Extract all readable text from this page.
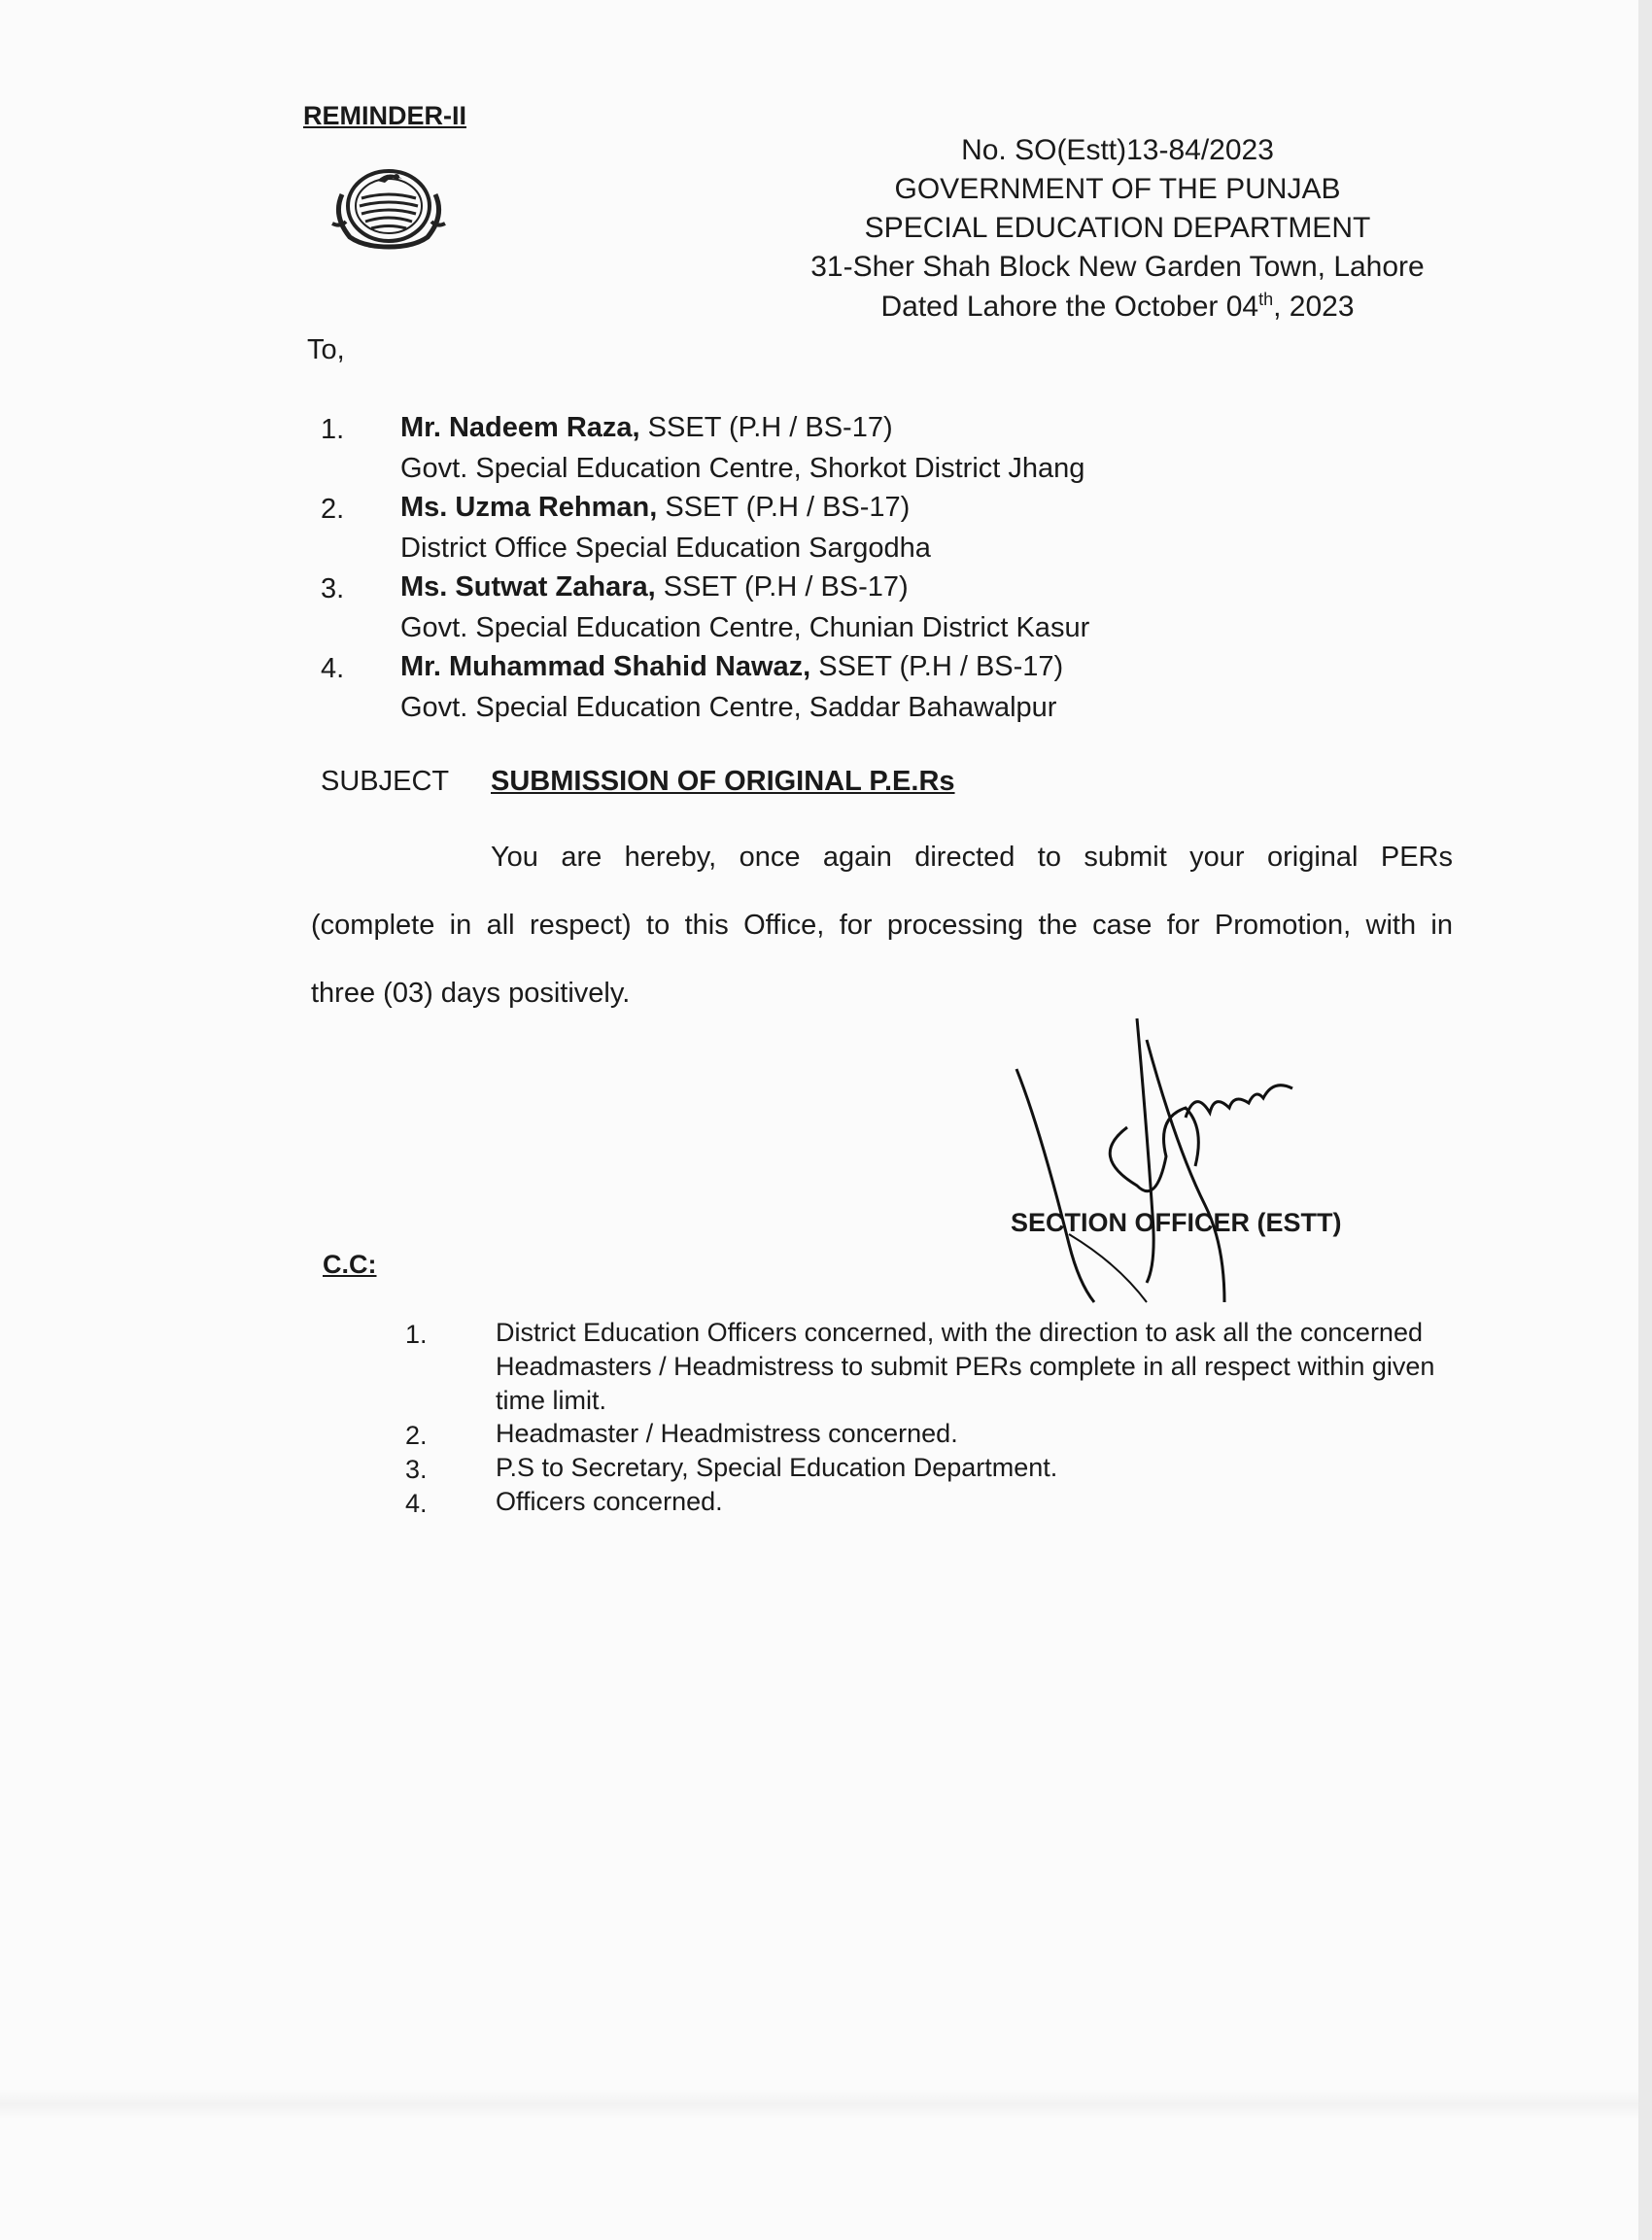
REMINDER-II

No. SO(Estt)13-84/2023
GOVERNMENT OF THE PUNJAB
SPECIAL EDUCATION DEPARTMENT
31-Sher Shah Block New Garden Town, Lahore
Dated Lahore the October 04th, 2023

To,

1. Mr. Nadeem Raza, SSET (P.H / BS-17)
Govt. Special Education Centre, Shorkot District Jhang
2. Ms. Uzma Rehman, SSET (P.H / BS-17)
District Office Special Education Sargodha
3. Ms. Sutwat Zahara, SSET (P.H / BS-17)
Govt. Special Education Centre, Chunian District Kasur
4. Mr. Muhammad Shahid Nawaz, SSET (P.H / BS-17)
Govt. Special Education Centre, Saddar Bahawalpur

SUBJECT SUBMISSION OF ORIGINAL P.E.Rs

You are hereby, once again directed to submit your original PERs
(complete in all respect) to this Office, for processing the case for Promotion, with in
three (03) days positively.

SECTION OFFICER (ESTT)

C.C:

1.	District Education Officers concerned, with the direction to ask all the concerned Headmasters / Headmistress to submit PERs complete in all respect within given time limit.
2.	Headmaster / Headmistress concerned.
3.	P.S to Secretary, Special Education Department.
4.	Officers concerned.
